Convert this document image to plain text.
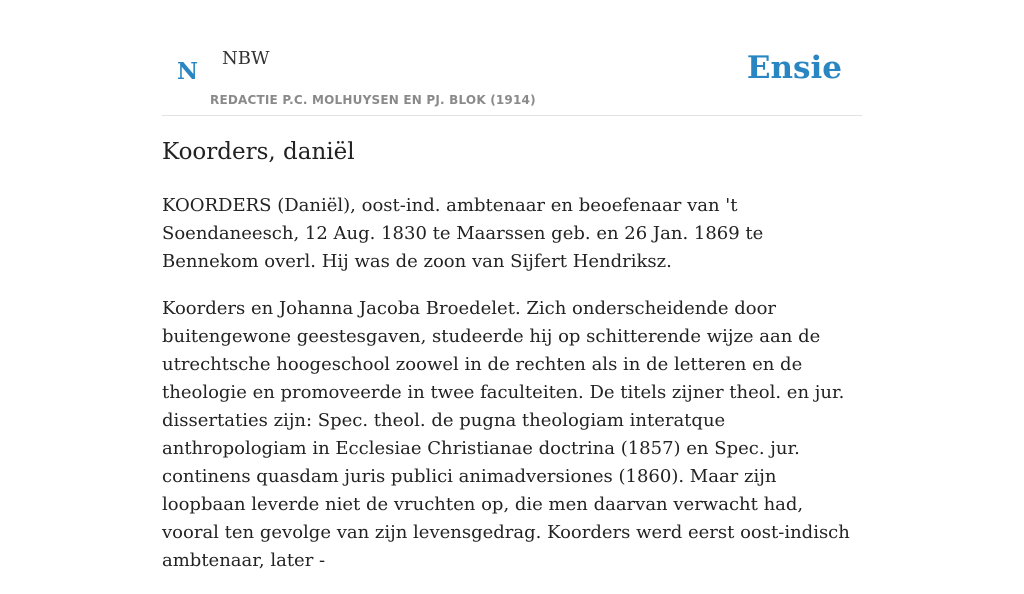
N NBW
REDACTIE P.C. MOLHUYSEN EN PJ. BLOK (1914)
Ensie
Koorders, daniël

KOORDERS (Daniël), oost-ind. ambtenaar en beoefenaar van 't Soendaneesch, 12 Aug. 1830 te Maarssen geb. en 26 Jan. 1869 te Bennekom overl. Hij was de zoon van Sijfert Hendriksz.

Koorders en Johanna Jacoba Broedelet. Zich onderscheidende door buitengewone geestesgaven, studeerde hij op schitterende wijze aan de utrechtsche hoogeschool zoowel in de rechten als in de letteren en de theologie en promoveerde in twee faculteiten. De titels zijner theol. en jur. dissertaties zijn: Spec. theol. de pugna theologiam interatque anthropologiam in Ecclesiae Christianae doctrina (1857) en Spec. jur. continens quasdam juris publici animadversiones (1860). Maar zijn loopbaan leverde niet de vruchten op, die men daarvan verwacht had, vooral ten gevolge van zijn levensgedrag. Koorders werd eerst oost-indisch ambtenaar, later -
